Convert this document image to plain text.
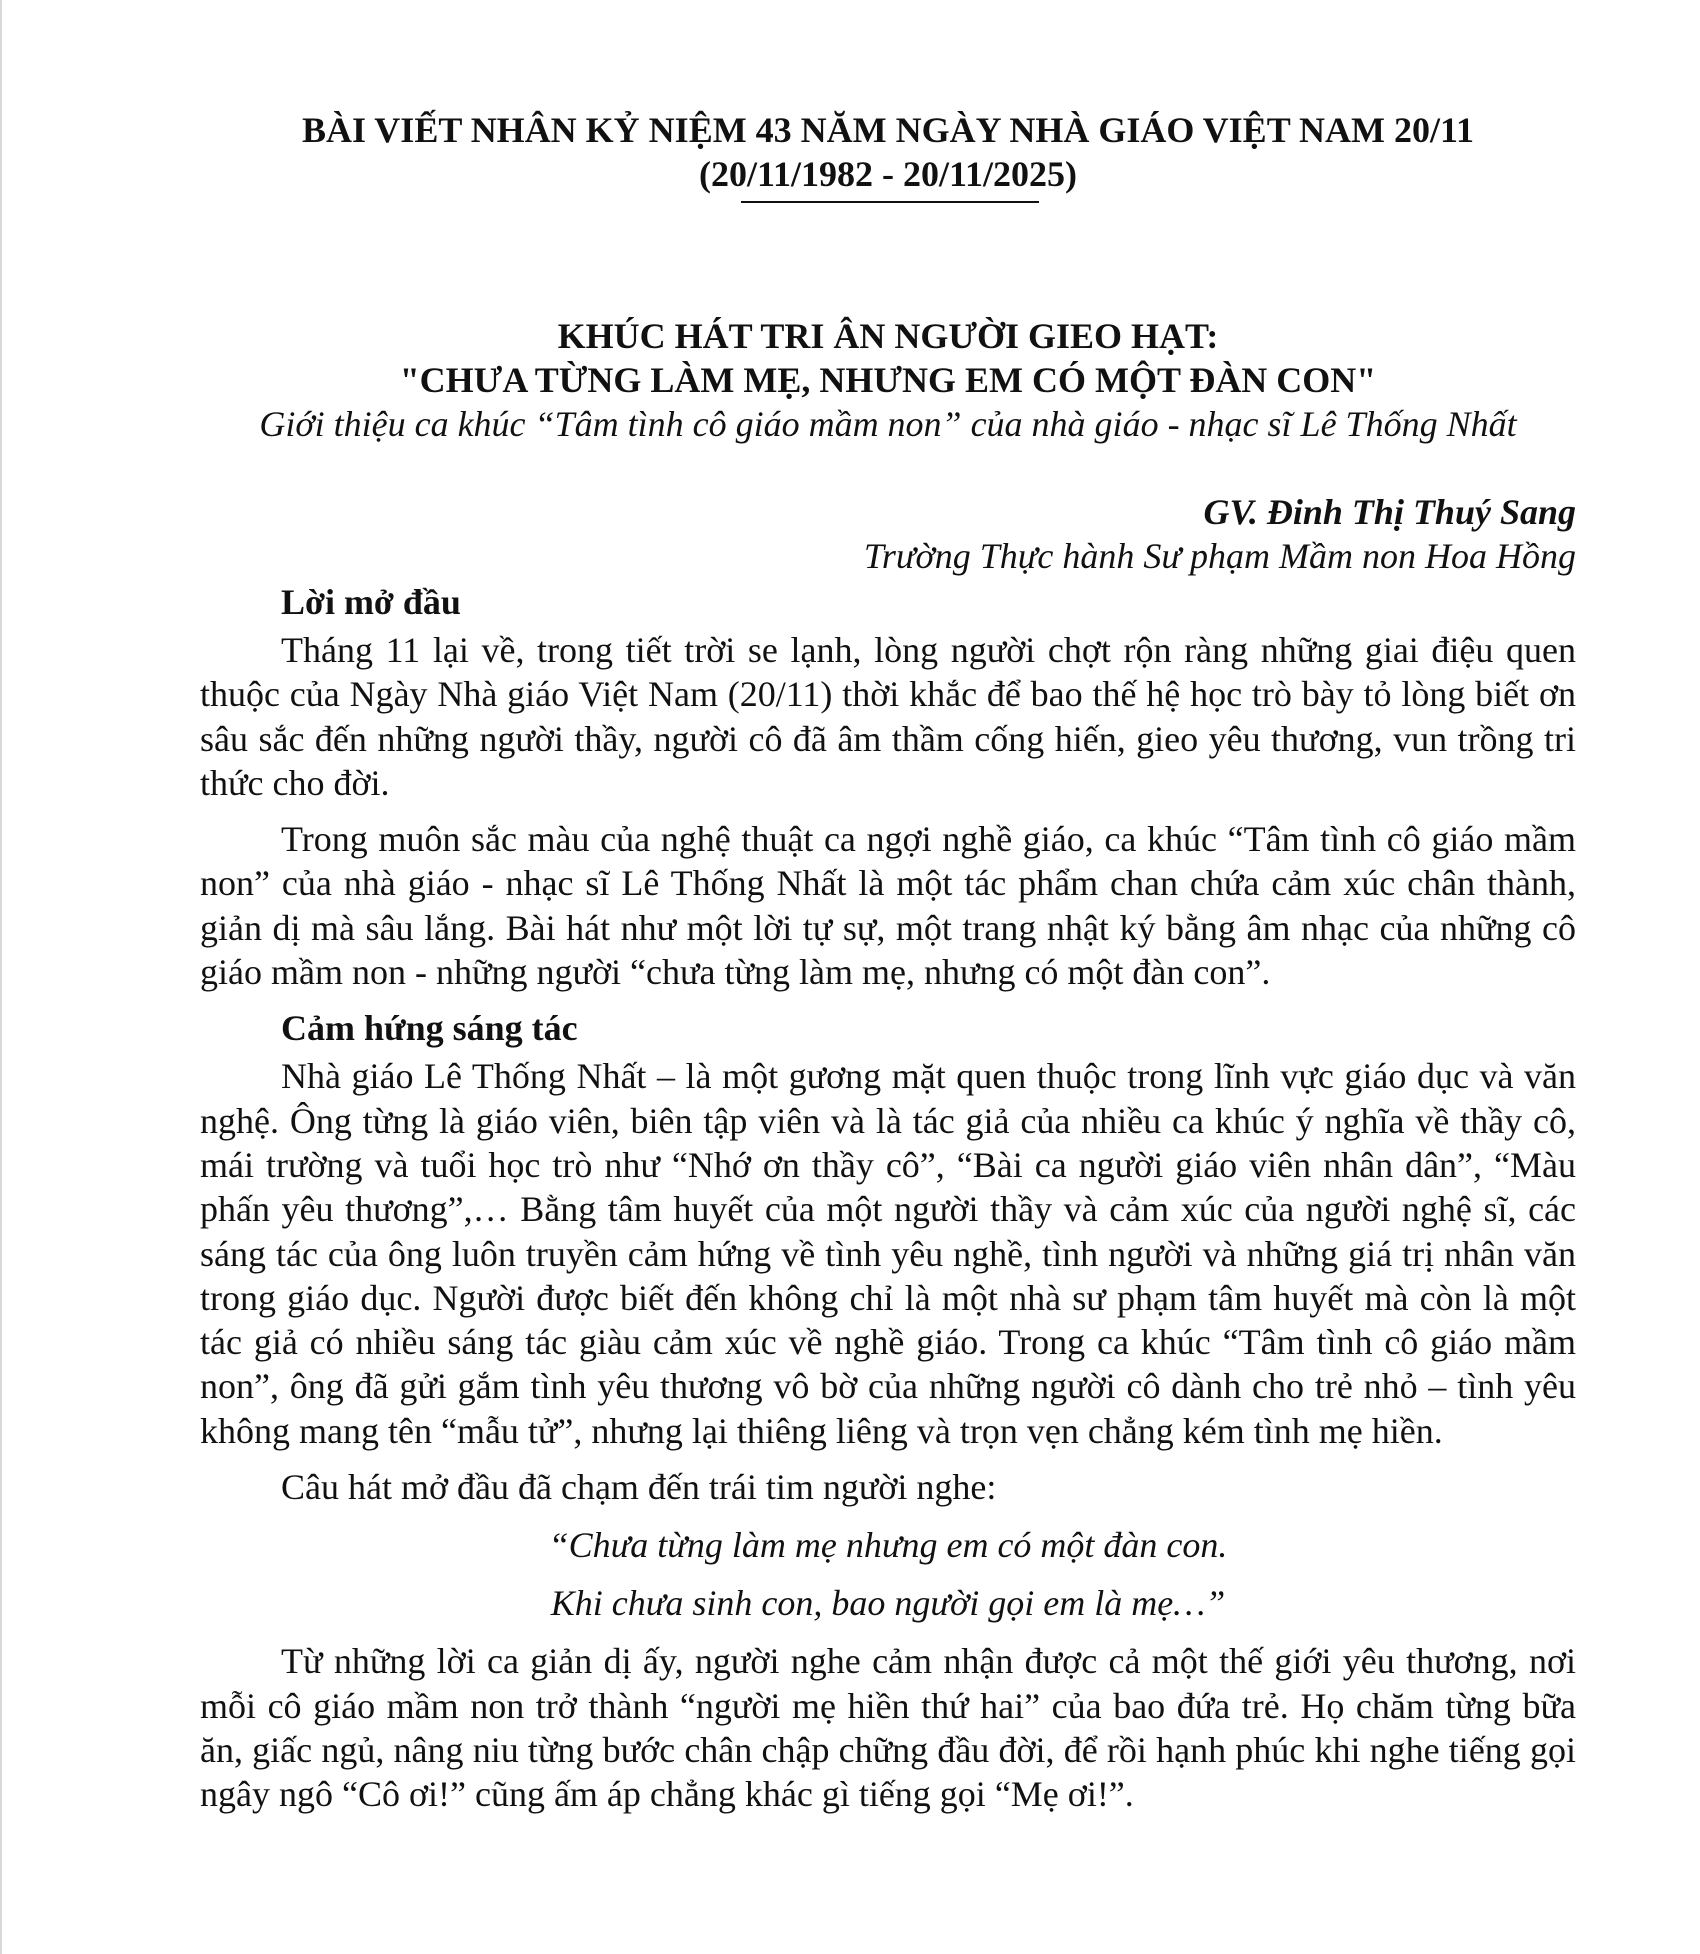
BÀI VIẾT NHÂN KỶ NIỆM 43 NĂM NGÀY NHÀ GIÁO VIỆT NAM 20/11

(20/11/1982 - 20/11/2025)

KHÚC HÁT TRI ÂN NGƯỜI GIEO HẠT:

"CHƯA TỪNG LÀM MẸ, NHƯNG EM CÓ MỘT ĐÀN CON"

Giới thiệu ca khúc “Tâm tình cô giáo mầm non” của nhà giáo - nhạc sĩ Lê Thống Nhất

GV. Đinh Thị Thuý Sang

Trường Thực hành Sư phạm Mầm non Hoa Hồng

Lời mở đầu

Tháng 11 lại về, trong tiết trời se lạnh, lòng người chợt rộn ràng những giai điệu quen thuộc của Ngày Nhà giáo Việt Nam (20/11) thời khắc để bao thế hệ học trò bày tỏ lòng biết ơn sâu sắc đến những người thầy, người cô đã âm thầm cống hiến, gieo yêu thương, vun trồng tri thức cho đời.

Trong muôn sắc màu của nghệ thuật ca ngợi nghề giáo, ca khúc “Tâm tình cô giáo mầm non” của nhà giáo - nhạc sĩ Lê Thống Nhất là một tác phẩm chan chứa cảm xúc chân thành, giản dị mà sâu lắng. Bài hát như một lời tự sự, một trang nhật ký bằng âm nhạc của những cô giáo mầm non - những người “chưa từng làm mẹ, nhưng có một đàn con”.

Cảm hứng sáng tác

Nhà giáo Lê Thống Nhất – là một gương mặt quen thuộc trong lĩnh vực giáo dục và văn nghệ. Ông từng là giáo viên, biên tập viên và là tác giả của nhiều ca khúc ý nghĩa về thầy cô, mái trường và tuổi học trò như “Nhớ ơn thầy cô”, “Bài ca người giáo viên nhân dân”, “Màu phấn yêu thương”,… Bằng tâm huyết của một người thầy và cảm xúc của người nghệ sĩ, các sáng tác của ông luôn truyền cảm hứng về tình yêu nghề, tình người và những giá trị nhân văn trong giáo dục. Người được biết đến không chỉ là một nhà sư phạm tâm huyết mà còn là một tác giả có nhiều sáng tác giàu cảm xúc về nghề giáo. Trong ca khúc “Tâm tình cô giáo mầm non”, ông đã gửi gắm tình yêu thương vô bờ của những người cô dành cho trẻ nhỏ – tình yêu không mang tên “mẫu tử”, nhưng lại thiêng liêng và trọn vẹn chẳng kém tình mẹ hiền.

Câu hát mở đầu đã chạm đến trái tim người nghe:

“Chưa từng làm mẹ nhưng em có một đàn con.

Khi chưa sinh con, bao người gọi em là mẹ…”

Từ những lời ca giản dị ấy, người nghe cảm nhận được cả một thế giới yêu thương, nơi mỗi cô giáo mầm non trở thành “người mẹ hiền thứ hai” của bao đứa trẻ. Họ chăm từng bữa ăn, giấc ngủ, nâng niu từng bước chân chập chững đầu đời, để rồi hạnh phúc khi nghe tiếng gọi ngây ngô “Cô ơi!” cũng ấm áp chẳng khác gì tiếng gọi “Mẹ ơi!”.
